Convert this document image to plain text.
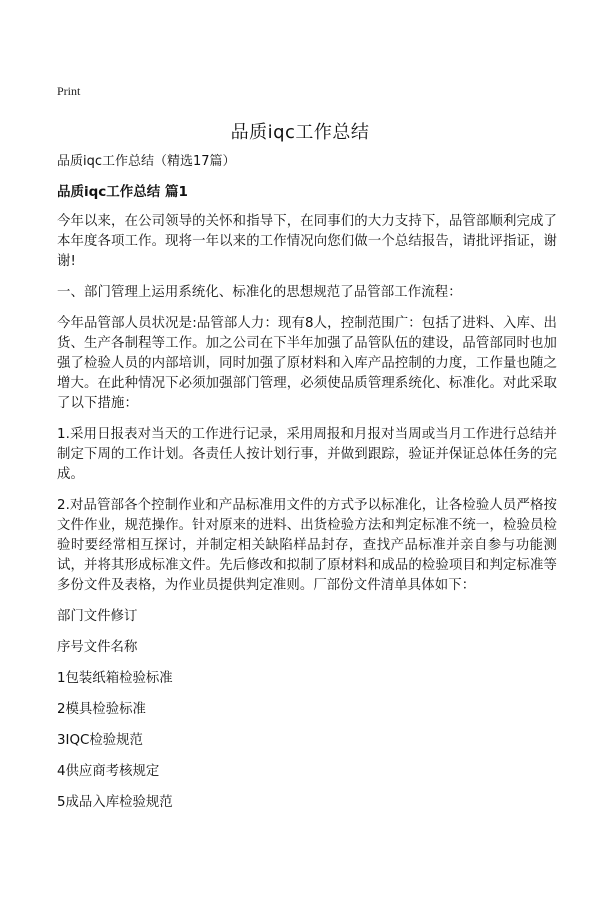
Print
品质iqc工作总结

品质iqc工作总结（精选17篇）

品质iqc工作总结 篇1

今年以来，在公司领导的关怀和指导下，在同事们的大力支持下，品管部顺利完成了本年度各项工作。现将一年以来的工作情况向您们做一个总结报告，请批评指证，谢谢!

一、部门管理上运用系统化、标准化的思想规范了品管部工作流程：

今年品管部人员状况是:品管部人力：现有8人，控制范围广：包括了进料、入库、出货、生产各制程等工作。加之公司在下半年加强了品管队伍的建设，品管部同时也加强了检验人员的内部培训，同时加强了原材料和入库产品控制的力度，工作量也随之增大。在此种情况下必须加强部门管理，必须使品质管理系统化、标准化。对此采取了以下措施：

1.采用日报表对当天的工作进行记录，采用周报和月报对当周或当月工作进行总结并制定下周的工作计划。各责任人按计划行事，并做到跟踪，验证并保证总体任务的完成。

2.对品管部各个控制作业和产品标准用文件的方式予以标准化，让各检验人员严格按文件作业，规范操作。针对原来的进料、出货检验方法和判定标准不统一，检验员检验时要经常相互探讨，并制定相关缺陷样品封存，查找产品标准并亲自参与功能测试，并将其形成标准文件。先后修改和拟制了原材料和成品的检验项目和判定标准等多份文件及表格，为作业员提供判定准则。厂部份文件清单具体如下：

部门文件修订

序号文件名称

1包装纸箱检验标准

2模具检验标准

3IQC检验规范

4供应商考核规定

5成品入库检验规范
